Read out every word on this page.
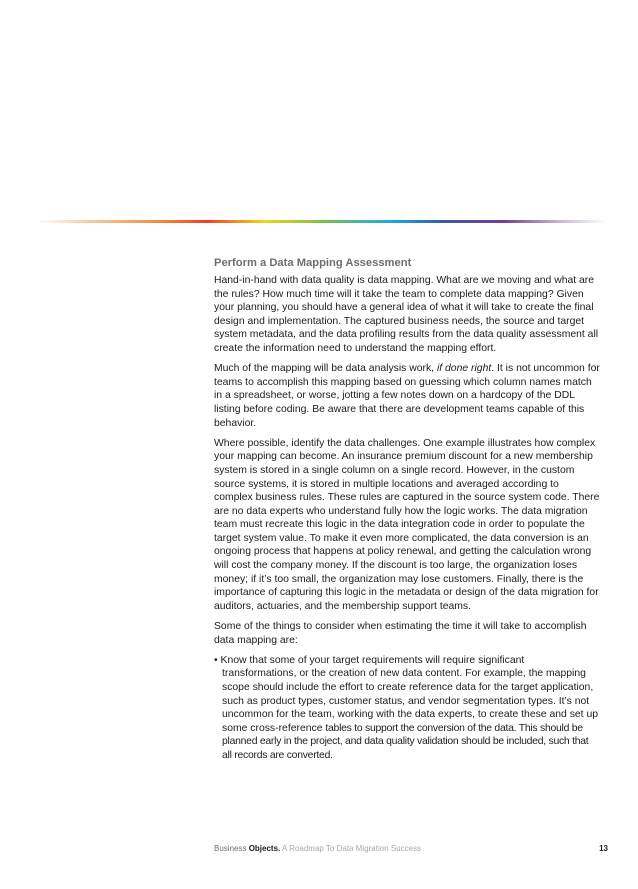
Perform a Data Mapping Assessment

Hand-in-hand with data quality is data mapping. What are we moving and what are the rules? How much time will it take the team to complete data mapping? Given your planning, you should have a general idea of what it will take to create the final design and implementation. The captured business needs, the source and target system metadata, and the data profiling results from the data quality assessment all create the information need to understand the mapping effort.

Much of the mapping will be data analysis work, if done right. It is not uncommon for teams to accomplish this mapping based on guessing which column names match in a spreadsheet, or worse, jotting a few notes down on a hardcopy of the DDL listing before coding. Be aware that there are development teams capable of this behavior.

Where possible, identify the data challenges. One example illustrates how complex your mapping can become. An insurance premium discount for a new membership system is stored in a single column on a single record. However, in the custom source systems, it is stored in multiple locations and averaged according to complex business rules. These rules are captured in the source system code. There are no data experts who understand fully how the logic works. The data migration team must recreate this logic in the data integration code in order to populate the target system value. To make it even more complicated, the data conversion is an ongoing process that happens at policy renewal, and getting the calculation wrong will cost the company money. If the discount is too large, the organization loses money; if it’s too small, the organization may lose customers. Finally, there is the importance of capturing this logic in the metadata or design of the data migration for auditors, actuaries, and the membership support teams.

Some of the things to consider when estimating the time it will take to accomplish data mapping are:

• Know that some of your target requirements will require significant transformations, or the creation of new data content. For example, the mapping scope should include the effort to create reference data for the target application, such as product types, customer status, and vendor segmentation types. It’s not uncommon for the team, working with the data experts, to create these and set up some cross-reference tables to support the conversion of the data. This should be planned early in the project, and data quality validation should be included, such that all records are converted.

Business Objects. A Roadmap To Data Migration Success	13
